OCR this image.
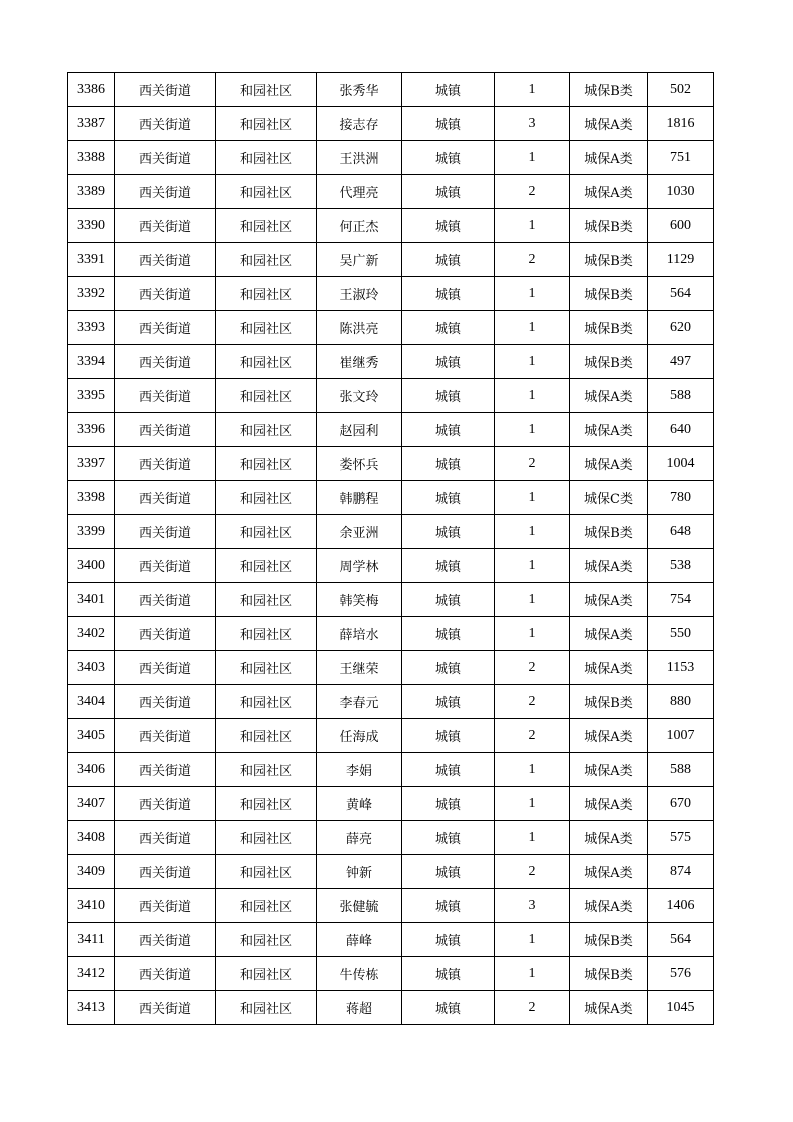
3386	西关街道	和园社区	张秀华	城镇	1	城保B类	502
3387	西关街道	和园社区	接志存	城镇	3	城保A类	1816
3388	西关街道	和园社区	王洪洲	城镇	1	城保A类	751
3389	西关街道	和园社区	代理亮	城镇	2	城保A类	1030
3390	西关街道	和园社区	何正杰	城镇	1	城保B类	600
3391	西关街道	和园社区	吴广新	城镇	2	城保B类	1129
3392	西关街道	和园社区	王淑玲	城镇	1	城保B类	564
3393	西关街道	和园社区	陈洪亮	城镇	1	城保B类	620
3394	西关街道	和园社区	崔继秀	城镇	1	城保B类	497
3395	西关街道	和园社区	张文玲	城镇	1	城保A类	588
3396	西关街道	和园社区	赵园利	城镇	1	城保A类	640
3397	西关街道	和园社区	娄怀兵	城镇	2	城保A类	1004
3398	西关街道	和园社区	韩鹏程	城镇	1	城保C类	780
3399	西关街道	和园社区	余亚洲	城镇	1	城保B类	648
3400	西关街道	和园社区	周学林	城镇	1	城保A类	538
3401	西关街道	和园社区	韩笑梅	城镇	1	城保A类	754
3402	西关街道	和园社区	薛培水	城镇	1	城保A类	550
3403	西关街道	和园社区	王继荣	城镇	2	城保A类	1153
3404	西关街道	和园社区	李春元	城镇	2	城保B类	880
3405	西关街道	和园社区	任海成	城镇	2	城保A类	1007
3406	西关街道	和园社区	李娟	城镇	1	城保A类	588
3407	西关街道	和园社区	黄峰	城镇	1	城保A类	670
3408	西关街道	和园社区	薛亮	城镇	1	城保A类	575
3409	西关街道	和园社区	钟新	城镇	2	城保A类	874
3410	西关街道	和园社区	张健毓	城镇	3	城保A类	1406
3411	西关街道	和园社区	薛峰	城镇	1	城保B类	564
3412	西关街道	和园社区	牛传栋	城镇	1	城保B类	576
3413	西关街道	和园社区	蒋超	城镇	2	城保A类	1045
